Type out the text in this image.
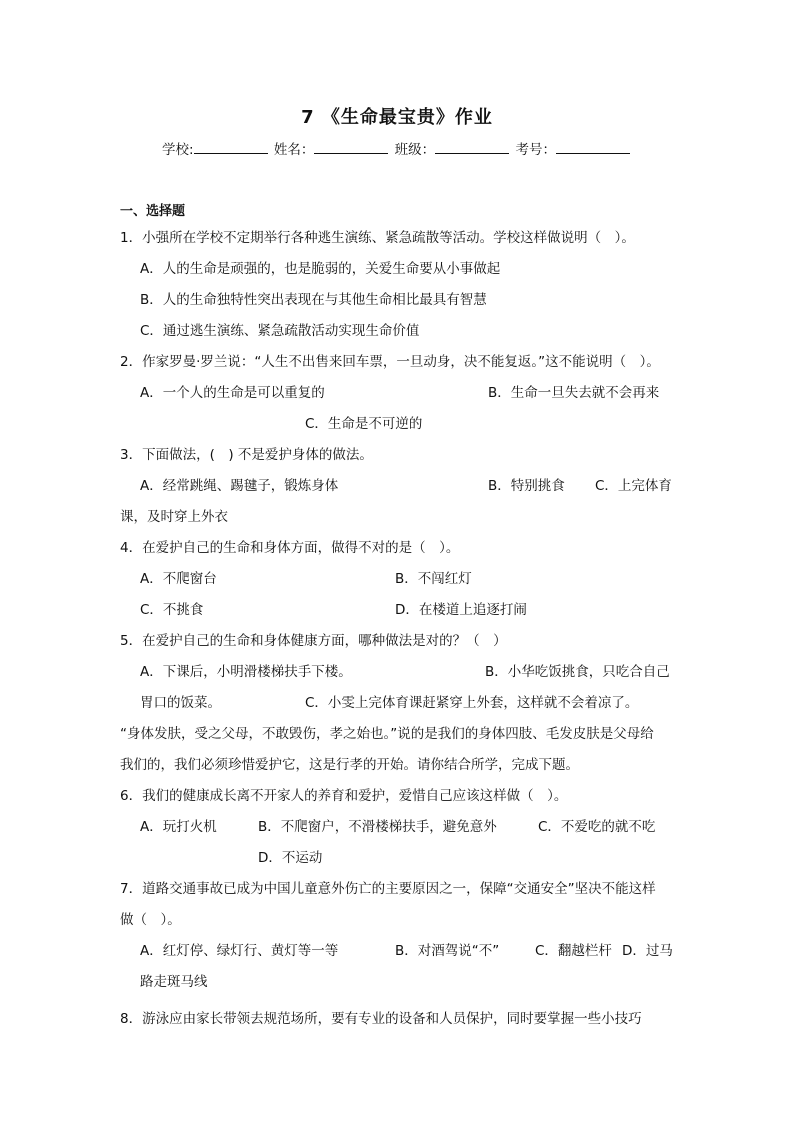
7 《生命最宝贵》作业
学校:	姓名：	班级：	考号：
一、选择题
1．小强所在学校不定期举行各种逃生演练、紧急疏散等活动。学校这样做说明（　）。
A．人的生命是顽强的，也是脆弱的，关爱生命要从小事做起
B．人的生命独特性突出表现在与其他生命相比最具有智慧
C．通过逃生演练、紧急疏散活动实现生命价值
2．作家罗曼·罗兰说：“人生不出售来回车票，一旦动身，决不能复返。”这不能说明（　）。
A．一个人的生命是可以重复的	B．生命一旦失去就不会再来
C．生命是不可逆的
3．下面做法，(　) 不是爱护身体的做法。
A．经常跳绳、踢毽子，锻炼身体	B．特别挑食 C．上完体育
课，及时穿上外衣
4．在爱护自己的生命和身体方面，做得不对的是（　）。
A．不爬窗台	B．不闯红灯
C．不挑食	D．在楼道上追逐打闹
5．在爱护自己的生命和身体健康方面，哪种做法是对的？（　）
A．下课后，小明滑楼梯扶手下楼。	B．小华吃饭挑食，只吃合自己
胃口的饭菜。	C．小雯上完体育课赶紧穿上外套，这样就不会着凉了。
“身体发肤，受之父母，不敢毁伤，孝之始也。”说的是我们的身体四肢、毛发皮肤是父母给
我们的，我们必须珍惜爱护它，这是行孝的开始。请你结合所学，完成下题。
6．我们的健康成长离不开家人的养育和爱护，爱惜自己应该这样做（　）。
A．玩打火机	B．不爬窗户，不滑楼梯扶手，避免意外	C．不爱吃的就不吃
D．不运动
7．道路交通事故已成为中国儿童意外伤亡的主要原因之一，保障“交通安全”坚决不能这样
做（　）。
A．红灯停、绿灯行、黄灯等一等	B．对酒驾说“不”	C．翻越栏杆 D．过马
路走斑马线
8．游泳应由家长带领去规范场所，要有专业的设备和人员保护，同时要掌握一些小技巧
